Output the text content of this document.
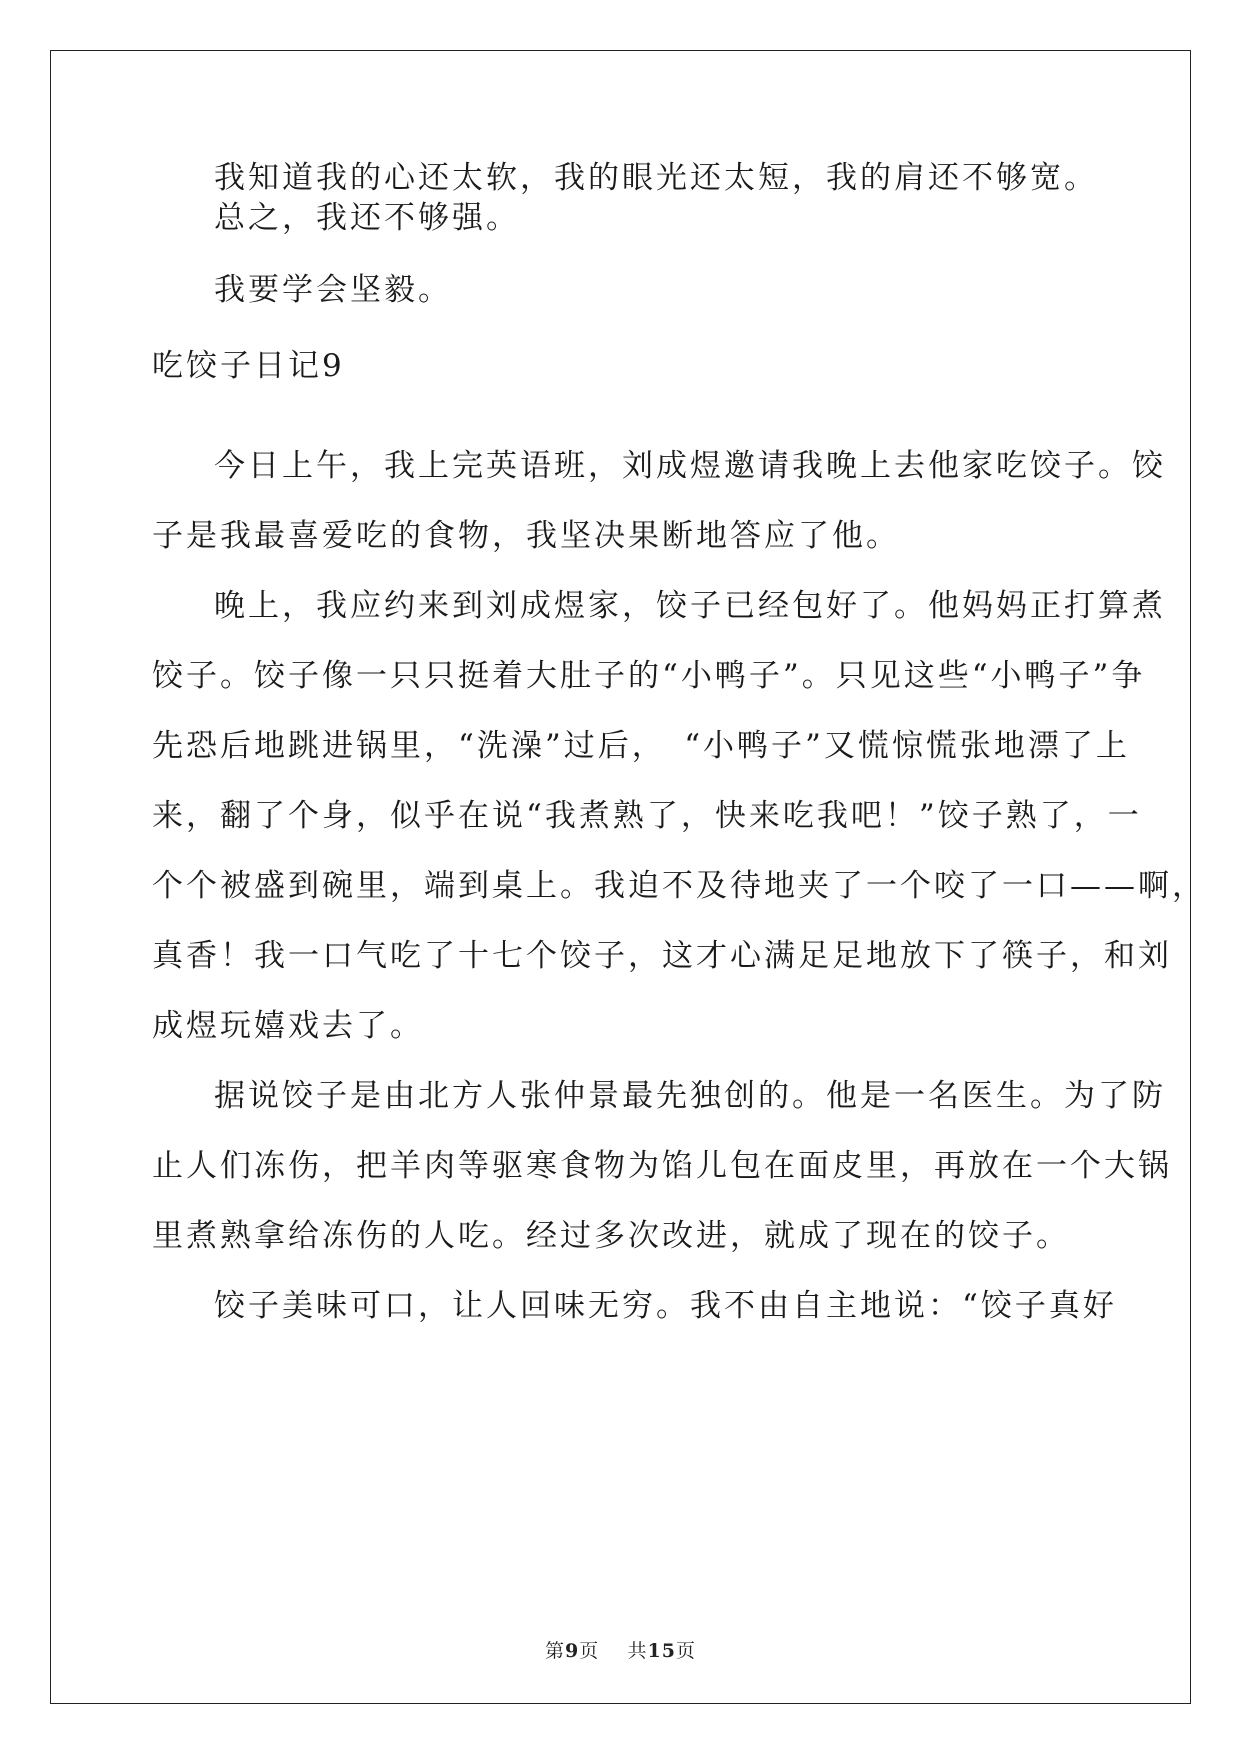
我知道我的心还太软，我的眼光还太短，我的肩还不够宽。

总之，我还不够强。

我要学会坚毅。

吃饺子日记9

今日上午，我上完英语班，刘成煜邀请我晚上去他家吃饺子。饺

子是我最喜爱吃的食物，我坚决果断地答应了他。

晚上，我应约来到刘成煜家，饺子已经包好了。他妈妈正打算煮

饺子。饺子像一只只挺着大肚子的“小鸭子”。只见这些“小鸭子”争

先恐后地跳进锅里，“洗澡”过后，　“小鸭子”又慌惊慌张地漂了上

来，翻了个身，似乎在说“我煮熟了，快来吃我吧！”饺子熟了，一

个个被盛到碗里，端到桌上。我迫不及待地夹了一个咬了一口——啊，

真香！我一口气吃了十七个饺子，这才心满足足地放下了筷子，和刘

成煜玩嬉戏去了。

据说饺子是由北方人张仲景最先独创的。他是一名医生。为了防

止人们冻伤，把羊肉等驱寒食物为馅儿包在面皮里，再放在一个大锅

里煮熟拿给冻伤的人吃。经过多次改进，就成了现在的饺子。

饺子美味可口，让人回味无穷。我不由自主地说：“饺子真好

第9页 共15页
